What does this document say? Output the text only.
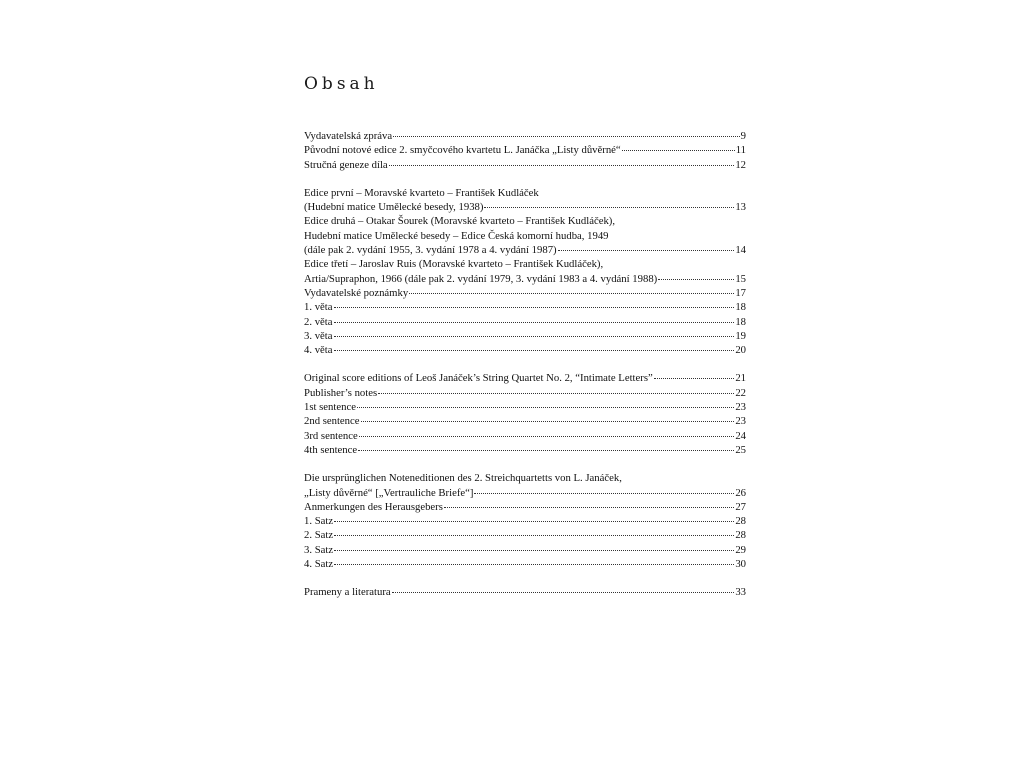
Obsah
Vydavatelská zpráva	9
Původní notové edice 2. smyčcového kvartetu L. Janáčka „Listy důvěrné“	11
Stručná geneze díla	12
Edice první – Moravské kvarteto – František Kudláček
(Hudební matice Umělecké besedy, 1938)	13
Edice druhá – Otakar Šourek (Moravské kvarteto – František Kudláček),
Hudební matice Umělecké besedy – Edice Česká komorní hudba, 1949
(dále pak 2. vydání 1955, 3. vydání 1978 a 4. vydání 1987)	14
Edice třetí – Jaroslav Ruis (Moravské kvarteto – František Kudláček),
Artia/Supraphon, 1966 (dále pak 2. vydání 1979, 3. vydání 1983 a 4. vydání 1988)	15
Vydavatelské poznámky	17
1. věta	18
2. věta	18
3. věta	19
4. věta	20
Original score editions of Leoš Janáček’s String Quartet No. 2, “Intimate Letters”	21
Publisher’s notes	22
1st sentence	23
2nd sentence	23
3rd sentence	24
4th sentence	25
Die ursprünglichen Noteneditionen des 2. Streichquartetts von L. Janáček,
„Listy důvěrné“ [„Vertrauliche Briefe“]	26
Anmerkungen des Herausgebers	27
1. Satz	28
2. Satz	28
3. Satz	29
4. Satz	30
Prameny a literatura	33
